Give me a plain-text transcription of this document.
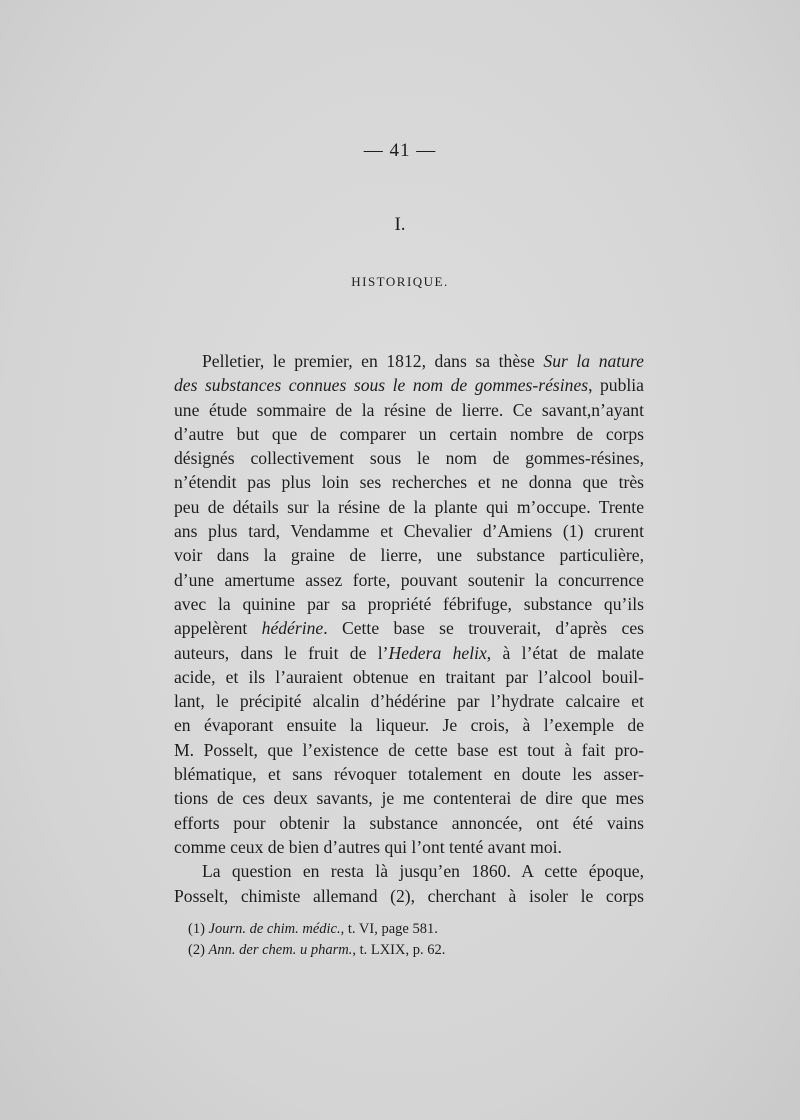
— 41 —
I.
HISTORIQUE.
Pelletier, le premier, en 1812, dans sa thèse Sur la nature
des substances connues sous le nom de gommes-résines, publia
une étude sommaire de la résine de lierre. Ce savant,n’ayant
d’autre but que de comparer un certain nombre de corps
désignés collectivement sous le nom de gommes-résines,
n’étendit pas plus loin ses recherches et ne donna que très
peu de détails sur la résine de la plante qui m’occupe. Trente
ans plus tard, Vendamme et Chevalier d’Amiens (1) crurent
voir dans la graine de lierre, une substance particulière,
d’une amertume assez forte, pouvant soutenir la concurrence
avec la quinine par sa propriété fébrifuge, substance qu’ils
appelèrent hédérine. Cette base se trouverait, d’après ces
auteurs, dans le fruit de l’Hedera helix, à l’état de malate
acide, et ils l’auraient obtenue en traitant par l’alcool bouil-
lant, le précipité alcalin d’hédérine par l’hydrate calcaire et
en évaporant ensuite la liqueur. Je crois, à l’exemple de
M. Posselt, que l’existence de cette base est tout à fait pro-
blématique, et sans révoquer totalement en doute les asser-
tions de ces deux savants, je me contenterai de dire que mes
efforts pour obtenir la substance annoncée, ont été vains
comme ceux de bien d’autres qui l’ont tenté avant moi.
La question en resta là jusqu’en 1860. A cette époque,
Posselt, chimiste allemand (2), cherchant à isoler le corps
(1) Journ. de chim. médic., t. VI, page 581.
(2) Ann. der chem. u pharm., t. LXIX, p. 62.
